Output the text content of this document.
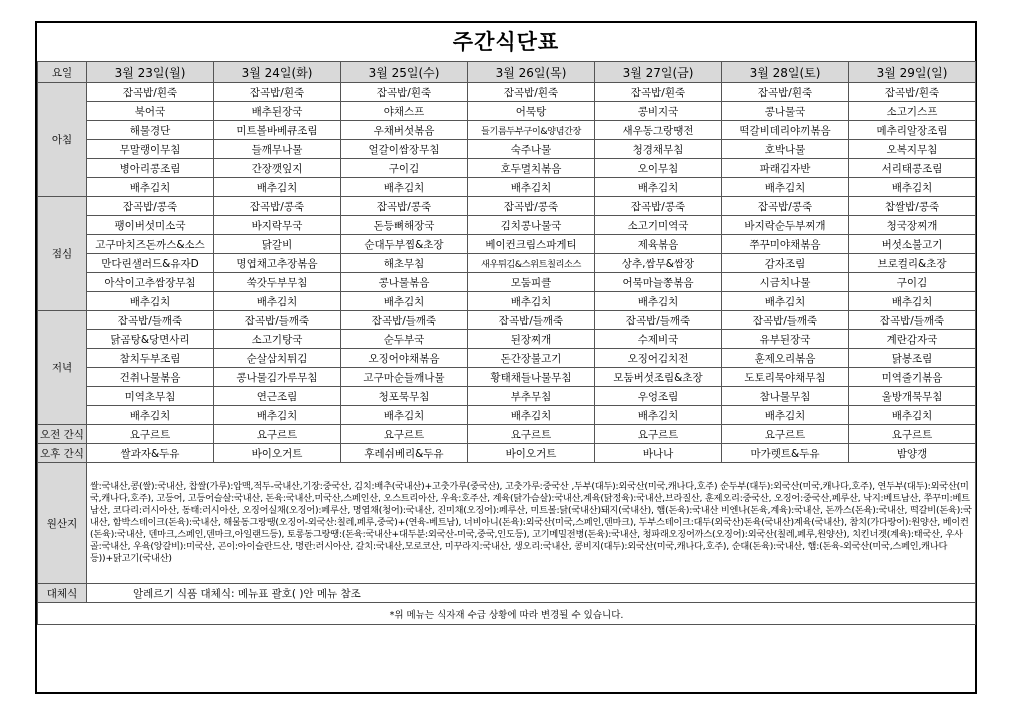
주간식단표
요일	3월 23일(월)	3월 24일(화)	3월 25일(수)	3월 26일(목)	3월 27일(금)	3월 28일(토)	3월 29일(일)
아침	잡곡밥/흰죽	잡곡밥/흰죽	잡곡밥/흰죽	잡곡밥/흰죽	잡곡밥/흰죽	잡곡밥/흰죽	잡곡밥/흰죽
	북어국	배추된장국	야채스프	어묵탕	콩비지국	콩나물국	소고기스프
	해물경단	미트볼바베큐조림	우채버섯볶음	들기름두부구이&양념간장	새우동그랑땡전	떡갈비데리야끼볶음	메추리알장조림
	무말랭이무침	들깨무나물	얼갈이쌈장무침	숙주나물	청경채무침	호박나물	오복지무침
	병아리콩조림	간장깻잎지	구이김	호두멸치볶음	오이무침	파래김자반	서리태콩조림
	배추김치	배추김치	배추김치	배추김치	배추김치	배추김치	배추김치
점심	잡곡밥/콩죽	잡곡밥/콩죽	잡곡밥/콩죽	잡곡밥/콩죽	잡곡밥/콩죽	잡곡밥/콩죽	찹쌀밥/콩죽
	팽이버섯미소국	바지락무국	돈등뼈해장국	김치콩나물국	소고기미역국	바지락순두부찌개	청국장찌개
	고구마치즈돈까스&소스	닭갈비	순대두부찜&초장	베이컨크림스파게티	제육볶음	쭈꾸미야채볶음	버섯소불고기
	만다린샐러드&유자D	명엽채고추장볶음	해초무침	새우튀김&스위트칠리소스	상추,쌈무&쌈장	감자조림	브로컬리&초장
	아삭이고추쌈장무침	쑥갓두부무침	콩나물볶음	모둠피클	어묵마늘쫑볶음	시금치나물	구이김
	배추김치	배추김치	배추김치	배추김치	배추김치	배추김치	배추김치
저녁	잡곡밥/들깨죽	잡곡밥/들깨죽	잡곡밥/들깨죽	잡곡밥/들깨죽	잡곡밥/들깨죽	잡곡밥/들깨죽	잡곡밥/들깨죽
	닭곰탕&당면사리	소고기탕국	순두부국	된장찌개	수제비국	유부된장국	계란감자국
	참치두부조림	순살삼치튀김	오징어야채볶음	돈간장불고기	오징어김치전	훈제오리볶음	닭봉조림
	건취나물볶음	콩나물김가루무침	고구마순들깨나물	황태채들나물무침	모둠버섯조림&초장	도토리묵야채무침	미역줄기볶음
	미역초무침	연근조림	청포묵무침	부추무침	우엉조림	참나물무침	울방개묵무침
	배추김치	배추김치	배추김치	배추김치	배추김치	배추김치	배추김치
오전 간식	요구르트	요구르트	요구르트	요구르트	요구르트	요구르트	요구르트
오후 간식	쌀과자&두유	바이오거트	후레쉬베리&두유	바이오거트	바나나	마가렛트&두유	밤양갱
원산지	쌀:국내산,콩(쌀):국내산, 찹쌀(가루):압맥,적두-국내산,기장:중국산, 김치:배추(국내산)+고춧가루(중국산), 고춧가루:중국산 ,두부(대두):외국산(미국,캐나다,호주) 순두부(대두):외국산(미국,캐나다,호주), 연두부(대두):외국산(미국,캐나다,호주), 고등어, 고등어슬살:국내산, 돈육:국내산,미국산,스페인산, 오스트리아산, 우육:호주산, 계육(닭가슴살):국내산,계육(닭정육):국내산,브라질산, 훈제오리:중국산, 오징어:중국산,페루산, 낙지:베트남산, 쭈꾸미:베트남산, 코다리:러시아산, 동태:러시아산, 오징어실채(오징어):페루산, 명엽채(청어):국내산, 진미채(오징어):페루산, 미트볼:닭(국내산)돼지(국내산), 햄(돈육):국내산 비엔나(돈육,계육):국내산, 돈까스(돈육):국내산, 떡갈비(돈육):국내산, 함박스테이크(돈육):국내산, 해물동그랑땡(오징어-외국산:칠레,페루,중국)+(연육-베트남), 너비아니(돈육):외국산(미국,스페인,덴마크), 두부스테이크:대두(외국산)돈육(국내산)계육(국내산), 참치(가다랑어):원양산, 베이컨(돈육):국내산, 덴마크,스페인,덴마크,아일랜드등), 토롱동그랑땡:(돈육:국내산+대두분:외국산-미국,중국,인도등), 고기메밀전병(돈육):국내산, 청파래오징어까스(오징어):외국산(칠레,페루,원양산), 치킨너겟(계육):태국산, 우사골:국내산, 우육(앙갈비):미국산, 곤이:아이슬란드산, 명란:러시아산, 갈치:국내산,모로코산, 미꾸라지:국내산, 생오리:국내산, 콩비지(대두):외국산(미국,캐나다,호주), 순대(돈육):국내산, 햄:(돈육-외국산(미국,스페인,캐나다등))+닭고기(국내산)						
대체식	알레르기 식품 대체식: 메뉴표 괄호( )안 메뉴 참조						
*위 메뉴는 식자재 수급 상황에 따라 변경될 수 있습니다.							
